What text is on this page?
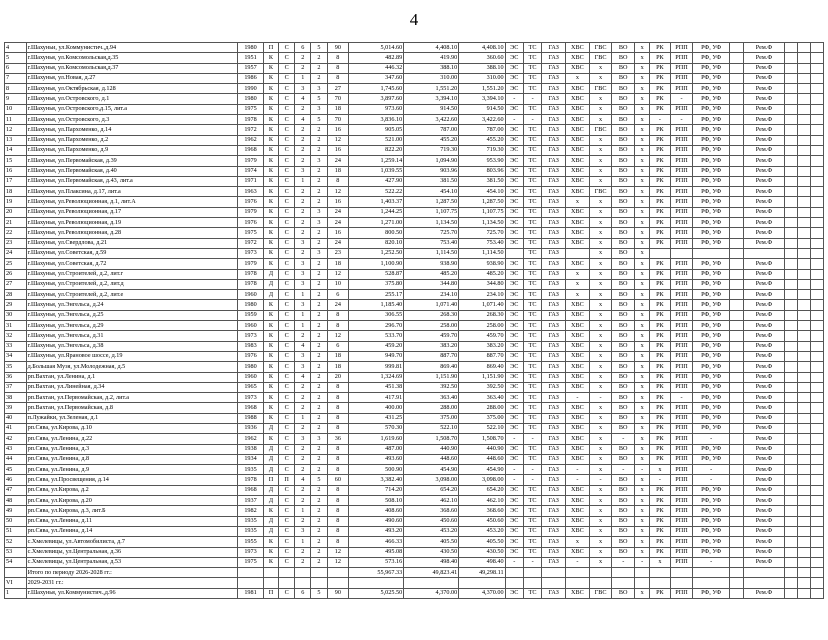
4
4	г.Шахуньи, ул.Коммунистич.,д.94	1980	П	С	6	5	90	5,014.60	4,408.10	4,408.10	ЭС	ТС	ГАЗ	ХВС	ГВС	ВО	х	РК	РПП	РФ, УФ		Рем.Ф			
5	г.Шахунья, ул.Комсомольская,д.35	1951	К	С	2	2	8	482.89	419.90	360.60	ЭС	ТС	ГАЗ	ХВС	ГВС	ВО	х	РК	РПП	РФ, УФ		Рем.Ф			
6	г.Шахунья, ул.Комсомольская,д.37	1957	К	С	2	2	8	446.32	388.10	388.10	ЭС	ТС	ГАЗ	ХВС	х	ВО	х	РК	РПП	РФ, УФ		Рем.Ф			
7	г.Шахунья, ул.Новая, д.27	1986	К	С	1	2	8	347.60	310.00	310.00	ЭС	ТС	ГАЗ	х	х	ВО	х	РК	РПП	РФ, УФ		Рем.Ф			
8	г.Шахунья, ул.Октябрьская, д.128	1990	К	С	3	3	27	1,745.60	1,551.20	1,551.20	ЭС	ТС	ГАЗ	ХВС	ГВС	ВО	х	РК	РПП	РФ, УФ		Рем.Ф			
9	г.Шахунья, ул.Островского, д.1	1980	К	С	4	5	70	3,897.60	3,394.10	3,394.10	-	-	ГАЗ	ХВС	х	ВО	х	РК	-	РФ, УФ		Рем.Ф			
10	г.Шахунья, ул.Островского,д.15, лит.а	1975	К	С	2	3	18	973.60	914.50	914.50	ЭС	ТС	ГАЗ	ХВС	х	ВО	х	РК	РПП	РФ, УФ		Рем.Ф			
11	г.Шахунья, ул.Островского, д.3	1978	К	С	4	5	70	3,836.10	3,422.60	3,422.60	-	-	ГАЗ	ХВС	х	ВО	х	-	-	РФ, УФ		Рем.Ф			
12	г.Шахунья, ул.Пархоменко, д.14	1972	К	С	2	2	16	905.05	787.00	787.00	ЭС	ТС	ГАЗ	ХВС	ГВС	ВО	х	РК	РПП	РФ, УФ		Рем.Ф			
13	г.Шахунья, ул.Пархоменко, д.2	1962	К	С	2	2	12	521.00	455.20	455.20	ЭС	ТС	ГАЗ	ХВС	х	ВО	х	РК	РПП	РФ, УФ		Рем.Ф			
14	г.Шахунья, ул.Пархоменко, д.9	1968	К	С	2	2	16	822.20	719.30	719.30	ЭС	ТС	ГАЗ	ХВС	х	ВО	х	РК	РПП	РФ, УФ		Рем.Ф			
15	г.Шахунья, ул.Первомайская, д.39	1979	К	С	2	3	24	1,259.14	1,094.90	953.90	ЭС	ТС	ГАЗ	ХВС	х	ВО	х	РК	РПП	РФ, УФ		Рем.Ф			
16	г.Шахунья, ул.Первомайская, д.40	1974	К	С	3	2	18	1,039.55	903.96	803.96	ЭС	ТС	ГАЗ	ХВС	х	ВО	х	РК	РПП	РФ, УФ		Рем.Ф			
17	г.Шахунья, ул.Первомайская, д.43, лит.а	1971	К	С	1	2	8	427.90	381.50	381.50	ЭС	ТС	ГАЗ	ХВС	х	ВО	х	РК	РПП	РФ, УФ		Рем.Ф			
18	г.Шахунья, ул.Плаксина, д.17, лит.а	1963	К	С	2	2	12	522.22	454.10	454.10	ЭС	ТС	ГАЗ	ХВС	ГВС	ВО	х	РК	РПП	РФ, УФ		Рем.Ф			
19	г.Шахунья, ул.Революционная, д.1, лит.А	1976	К	С	2	2	16	1,403.37	1,287.50	1,287.50	ЭС	ТС	ГАЗ	х	х	ВО	х	РК	РПП	РФ, УФ		Рем.Ф			
20	г.Шахунья, ул.Революционная, д.17	1979	К	С	2	3	24	1,244.25	1,107.75	1,107.75	ЭС	ТС	ГАЗ	ХВС	х	ВО	х	РК	РПП	РФ, УФ		Рем.Ф			
21	г.Шахунья, ул.Революционная, д.19	1976	К	С	2	3	24	1,271.00	1,134.50	1,134.50	ЭС	ТС	ГАЗ	ХВС	х	ВО	х	РК	РПП	РФ, УФ		Рем.Ф			
22	г.Шахунья, ул.Революционная, д.28	1975	К	С	2	2	16	800.50	725.70	725.70	ЭС	ТС	ГАЗ	ХВС	х	ВО	х	РК	РПП	РФ, УФ		Рем.Ф			
23	г.Шахунья, ул.Свердлова, д.21	1972	К	С	3	2	24	820.10	753.40	753.40	ЭС	ТС	ГАЗ	ХВС	х	ВО	х	РК	РПП	РФ, УФ		Рем.Ф			
24	г.Шахунья, ул.Советская, д.59	1973	К	С	2	3	23	1,252.50	1,114.50	1,114.50		ТС	ГАЗ		х	ВО	х								
25	г.Шахунья, ул.Советская, д.72	1979	К	С	3	2	18	1,100.90	938.90	938.90	ЭС	ТС	ГАЗ	ХВС	х	ВО	х	РК	РПП	РФ, УФ		Рем.Ф			
26	г.Шахунья, ул.Строителей, д.2, лит.г	1978	Д	С	3	2	12	528.87	485.20	485.20	ЭС	ТС	ГАЗ	х	х	ВО	х	РК	РПП	РФ, УФ		Рем.Ф			
27	г.Шахунья, ул.Строителей, д.2, лит.д	1978	Д	С	3	2	10	375.80	344.80	344.80	ЭС	ТС	ГАЗ	х	х	ВО	х	РК	РПП	РФ, УФ		Рем.Ф			
28	г.Шахунья, ул.Строителей, д.2, лит.е	1960	Д	С	1	2	6	255.17	234.10	234.10	ЭС	ТС	ГАЗ	х	х	ВО	х	РК	РПП	РФ, УФ		Рем.Ф			
29	г.Шахунья, ул.Энгельса, д.24	1980	К	С	3	2	24	1,185.40	1,071.40	1,071.40	ЭС	ТС	ГАЗ	ХВС	х	ВО	х	РК	РПП	РФ, УФ		Рем.Ф			
30	г.Шахунья, ул.Энгельса, д.25	1959	К	С	1	2	8	306.55	268.30	268.30	ЭС	ТС	ГАЗ	ХВС	х	ВО	х	РК	РПП	РФ, УФ		Рем.Ф			
31	г.Шахунья, ул.Энгельса, д.29	1960	К	С	1	2	8	296.70	258.00	258.00	ЭС	ТС	ГАЗ	ХВС	х	ВО	х	РК	РПП	РФ, УФ		Рем.Ф			
32	г.Шахунья, ул.Энгельса, д.31	1973	К	С	2	2	12	533.70	459.70	459.70	ЭС	ТС	ГАЗ	ХВС	х	ВО	х	РК	РПП	РФ, УФ		Рем.Ф			
33	г.Шахунья, ул.Энгельса, д.38	1983	К	С	4	2	6	459.20	383.20	383.20	ЭС	ТС	ГАЗ	ХВС	х	ВО	х	РК	РПП	РФ, УФ		Рем.Ф			
34	г.Шахунья, ул.Ярановое шоссе, д.19	1976	К	С	3	2	18	949.70	887.70	887.70	ЭС	ТС	ГАЗ	ХВС	х	ВО	х	РК	РПП	РФ, УФ		Рем.Ф			
35	д.Большая Музя, ул.Молодежная, д.5	1980	К	С	3	2	18	999.81	869.40	869.40	ЭС	ТС	ГАЗ	ХВС	х	ВО	х	РК	РПП	РФ, УФ		Рем.Ф			
36	рп.Вахтан, ул.Ленина, д.1	1960	К	С	4	2	20	1,324.69	1,151.90	1,151.90	ЭС	ТС	ГАЗ	ХВС	х	ВО	х	РК	РПП	РФ, УФ		Рем.Ф			
37	рп.Вахтан, ул.Линейная, д.34	1965	К	С	2	2	8	451.38	392.50	392.50	ЭС	ТС	ГАЗ	ХВС	х	ВО	х	РК	РПП	РФ, УФ		Рем.Ф			
38	рп.Вахтан, ул.Первомайская, д.2, лит.а	1973	К	С	2	2	8	417.91	363.40	363.40	ЭС	ТС	ГАЗ	-	-	ВО	х	РК	-	РФ, УФ		Рем.Ф			
39	рп.Вахтан, ул.Первомайская, д.8	1968	К	С	2	2	8	400.00	288.00	288.00	ЭС	ТС	ГАЗ	ХВС	х	ВО	х	РК	РПП	РФ, УФ		Рем.Ф			
40	п.Лужайки, ул.Зеленая, д.1	1988	К	С	1	2	8	431.25	375.00	375.00	ЭС	ТС	ГАЗ	ХВС	х	ВО	х	РК	РПП	РФ, УФ		Рем.Ф			
41	рп.Сява, ул.Кирова, д.10	1936	Д	С	2	2	8	570.30	522.10	522.10	ЭС	ТС	ГАЗ	ХВС	х	ВО	х	РК	РПП	РФ, УФ		Рем.Ф			
42	рп.Сява, ул.Ленина, д.22	1962	К	С	3	3	36	1,619.60	1,508.70	1,508.70	-	-	ГАЗ	ХВС	х	-	х	РК	РПП	-		Рем.Ф			
43	рп.Сява, ул.Ленина, д.3	1938	Д	С	2	2	8	487.00	440.90	440.90	ЭС	ТС	ГАЗ	ХВС	х	ВО	х	РК	РПП	РФ, УФ		Рем.Ф			
44	рп.Сява, ул.Ленина, д.8	1934	Д	С	2	2	8	493.60	448.60	448.60	ЭС	ТС	ГАЗ	ХВС	х	ВО	х	РК	РПП	РФ, УФ		Рем.Ф			
45	рп.Сява, ул.Ленина, д.9	1935	Д	С	2	2	8	500.90	454.90	454.90	-	-	ГАЗ	-	х	-	-	х	РПП	-		Рем.Ф			
46	рп.Сява, ул.Просвещения, д.14	1978	П	П	4	5	60	3,382.40	3,098.00	3,098.00	-	-	ГАЗ	-	-	ВО	х	-	РПП	-		Рем.Ф			
47	рп.Сява, ул.Кирова, д.2	1968	Д	С	2	2	8	714.20	654.20	654.20	ЭС	ТС	ГАЗ	ХВС	х	ВО	х	РК	РПП	РФ, УФ		Рем.Ф			
48	рп.Сява, ул.Кирова, д.20	1937	Д	С	2	2	8	508.10	462.10	462.10	ЭС	ТС	ГАЗ	ХВС	х	ВО	х	РК	РПП	РФ, УФ		Рем.Ф			
49	рп.Сява, ул.Кирова, д.3, лит.Б	1982	К	С	1	2	8	408.60	368.60	368.60	ЭС	ТС	ГАЗ	ХВС	х	ВО	х	РК	РПП	РФ, УФ		Рем.Ф			
50	рп.Сява, ул.Ленина, д.11	1935	Д	С	2	2	8	490.60	450.60	450.60	ЭС	ТС	ГАЗ	ХВС	х	ВО	х	РК	РПП	РФ, УФ		Рем.Ф			
51	рп.Сява, ул.Ленина, д.14	1935	Д	С	3	2	8	493.20	453.20	453.20	ЭС	ТС	ГАЗ	ХВС	х	ВО	х	РК	РПП	РФ, УФ		Рем.Ф			
52	с.Хмелевицы, ул.Автомобилиста, д.7	1955	К	С	1	2	8	466.33	405.50	405.50	ЭС	ТС	ГАЗ	х	х	ВО	х	РК	РПП	РФ, УФ		Рем.Ф			
53	с.Хмелевицы, ул.Центральная, д.36	1973	К	С	2	2	12	495.08	430.50	430.50	ЭС	ТС	ГАЗ	ХВС	х	ВО	х	РК	РПП	РФ, УФ		Рем.Ф			
54	с.Хмелевицы, ул.Центральная, д.53	1975	К	С	2	2	12	573.16	498.40	498.40	-	-	ГАЗ	-	х	-	-	х	РПП	-		Рем.Ф			
	Итого по периоду 2026-2028 гг.:							55,967.33	49,823.41	49,298.11															
VI	2029-2031 гг.:																								
1	г.Шахунья, ул.Коммунистич.,д.96	1981	П	С	6	5	90	5,025.50	4,370.00	4,370.00	ЭС	ТС	ГАЗ	ХВС	ГВС	ВО	х	РК	РПП	РФ, УФ		Рем.Ф			
